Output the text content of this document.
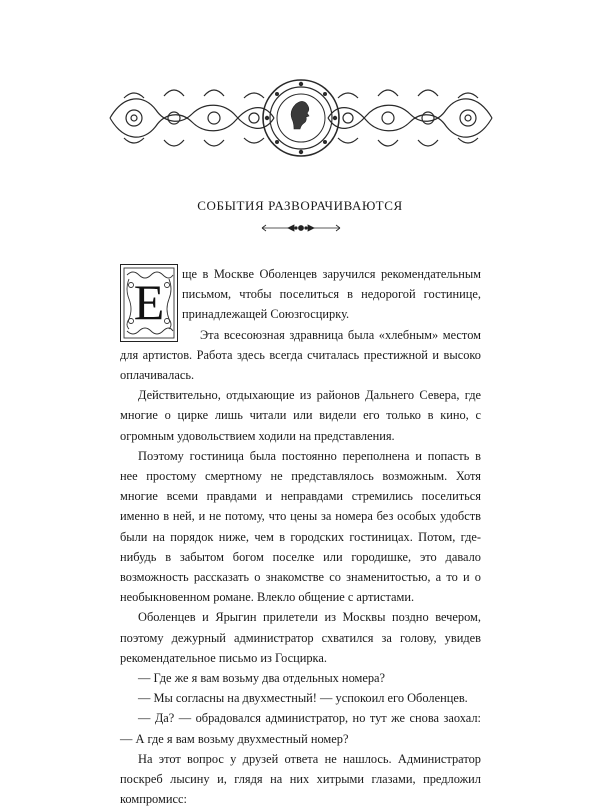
СОБЫТИЯ РАЗВОРАЧИВАЮТСЯ
Е	ще в Москве Оболенцев заручился рекомендательным письмом, чтобы поселиться в недорогой гостинице, принадлежащей Союзгосцирку.

Эта всесоюзная здравница была «хлебным» местом для артистов. Работа здесь всегда считалась престижной и высоко оплачивалась.

Действительно, отдыхающие из районов Дальнего Севера, где многие о цирке лишь читали или видели его только в кино, с огромным удовольствием ходили на представления.

Поэтому гостиница была постоянно переполнена и попасть в нее простому смертному не представлялось возможным. Хотя многие всеми правдами и неправдами стремились поселиться именно в ней, и не потому, что цены за номера без особых удобств были на порядок ниже, чем в городских гостиницах. Потом, где-нибудь в забытом богом поселке или городишке, это давало возможность рассказать о знакомстве со знаменитостью, а то и о необыкновенном романе. Влекло общение с артистами.

Оболенцев и Ярыгин прилетели из Москвы поздно вечером, поэтому дежурный администратор схватился за голову, увидев рекомендательное письмо из Госцирка.

— Где же я вам возьму два отдельных номера?

— Мы согласны на двухместный! — успокоил его Оболенцев.

— Да? — обрадовался администратор, но тут же снова заохал: — А где я вам возьму двухместный номер?

На этот вопрос у друзей ответа не нашлось. Администратор поскреб лысину и, глядя на них хитрыми глазами, предложил компромисс:
